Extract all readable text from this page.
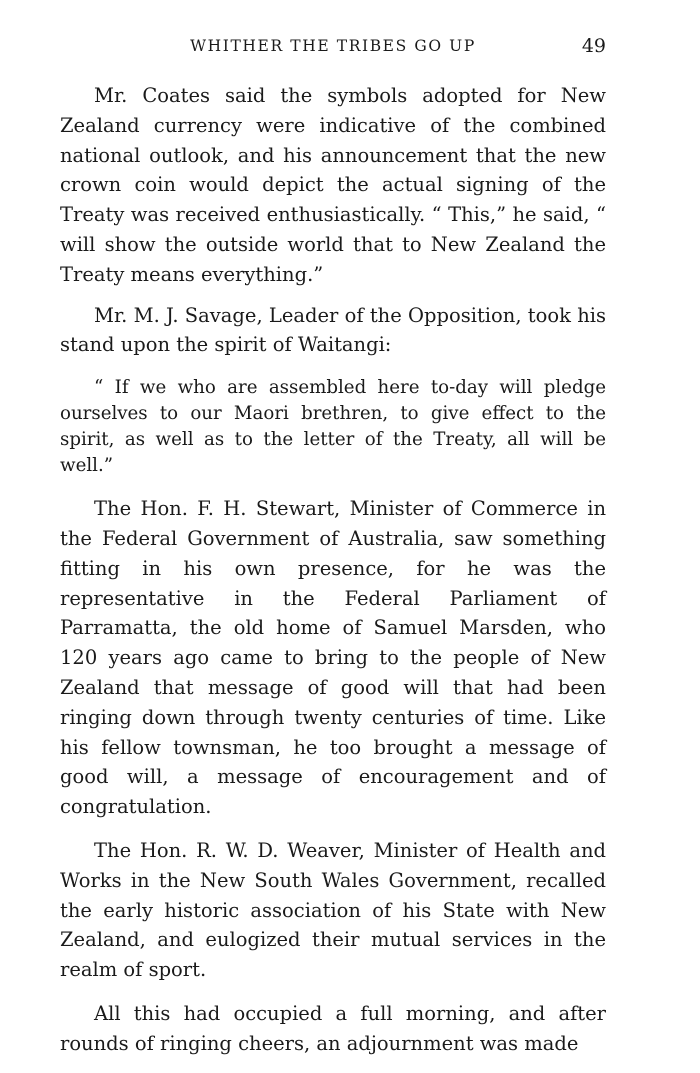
WHITHER THE TRIBES GO UP	49

Mr. Coates said the symbols adopted for New Zealand currency were indicative of the combined national outlook, and his announcement that the new crown coin would depict the actual signing of the Treaty was received enthusiastically. “ This,” he said, “ will show the outside world that to New Zealand the Treaty means everything.”

Mr. M. J. Savage, Leader of the Opposition, took his stand upon the spirit of Waitangi:

“ If we who are assembled here to-day will pledge ourselves to our Maori brethren, to give effect to the spirit, as well as to the letter of the Treaty, all will be well.”

The Hon. F. H. Stewart, Minister of Commerce in the Federal Government of Australia, saw something fitting in his own presence, for he was the representative in the Federal Parliament of Parramatta, the old home of Samuel Marsden, who 120 years ago came to bring to the people of New Zealand that message of good will that had been ringing down through twenty centuries of time. Like his fellow townsman, he too brought a message of good will, a message of encouragement and of congratulation.

The Hon. R. W. D. Weaver, Minister of Health and Works in the New South Wales Government, recalled the early historic association of his State with New Zealand, and eulogized their mutual services in the realm of sport.

All this had occupied a full morning, and after rounds of ringing cheers, an adjournment was made
